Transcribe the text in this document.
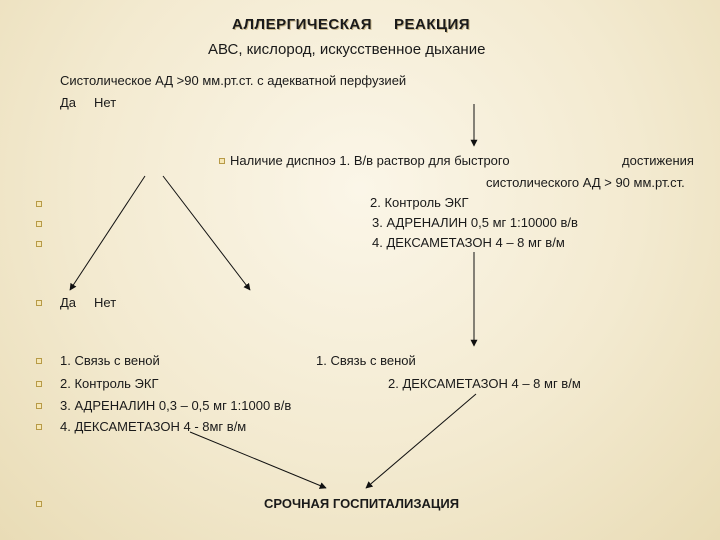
АЛЛЕРГИЧЕСКАЯ РЕАКЦИЯ
АВС, кислород, искусственное дыхание
Систолическое АД >90 мм.рт.ст. с адекватной перфузией
Да Нет
Наличие диспноэ 1. В/в раствор для быстрого	достижения
систолического АД > 90 мм.рт.ст.
2. Контроль ЭКГ
3. АДРЕНАЛИН 0,5 мг 1:10000 в/в
4. ДЕКСАМЕТАЗОН 4 – 8 мг в/м
Да Нет
1. Связь с веной	1. Связь с веной
2. Контроль ЭКГ	2. ДЕКСАМЕТАЗОН 4 – 8 мг в/м
3. АДРЕНАЛИН 0,3 – 0,5 мг 1:1000 в/в
4. ДЕКСАМЕТАЗОН 4 - 8мг в/м
СРОЧНАЯ ГОСПИТАЛИЗАЦИЯ
